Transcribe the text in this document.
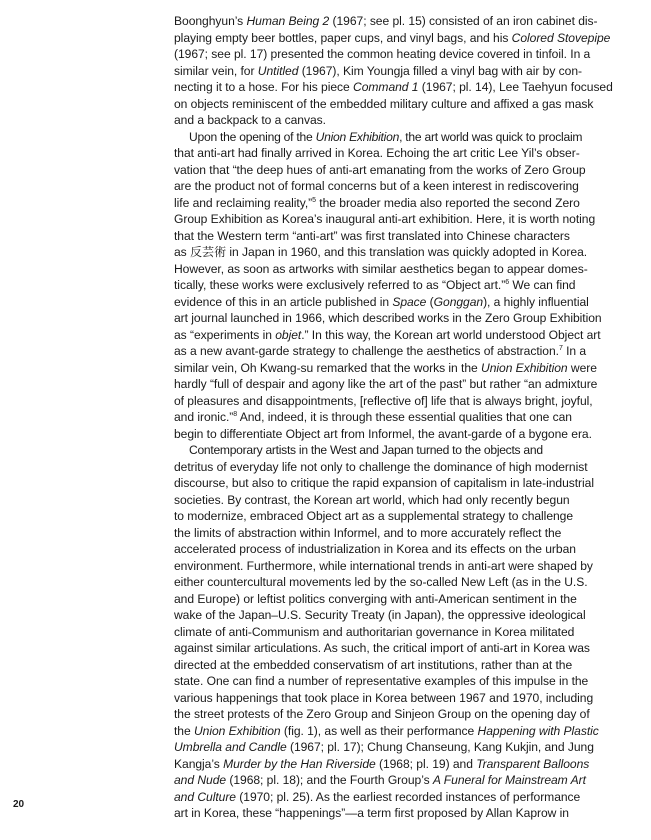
Boonghyun’s Human Being 2 (1967; see pl. 15) consisted of an iron cabinet dis-
playing empty beer bottles, paper cups, and vinyl bags, and his Colored Stovepipe
(1967; see pl. 17) presented the common heating device covered in tinfoil. In a
similar vein, for Untitled (1967), Kim Youngja filled a vinyl bag with air by con-
necting it to a hose. For his piece Command 1 (1967; pl. 14), Lee Taehyun focused
on objects reminiscent of the embedded military culture and affixed a gas mask
and a backpack to a canvas.
Upon the opening of the Union Exhibition, the art world was quick to proclaim
that anti-art had finally arrived in Korea. Echoing the art critic Lee Yil’s obser-
vation that “the deep hues of anti-art emanating from the works of Zero Group
are the product not of formal concerns but of a keen interest in rediscovering
life and reclaiming reality,”$^5$ the broader media also reported the second Zero
Group Exhibition as Korea’s inaugural anti-art exhibition. Here, it is worth noting
that the Western term “anti-art” was first translated into Chinese characters
as 反芸術 in Japan in 1960, and this translation was quickly adopted in Korea.
However, as soon as artworks with similar aesthetics began to appear domes-
tically, these works were exclusively referred to as “Object art.”$^6$ We can find
evidence of this in an article published in Space (Gonggan), a highly influential
art journal launched in 1966, which described works in the Zero Group Exhibition
as “experiments in objet.” In this way, the Korean art world understood Object art
as a new avant-garde strategy to challenge the aesthetics of abstraction.$^7$ In a
similar vein, Oh Kwang-su remarked that the works in the Union Exhibition were
hardly “full of despair and agony like the art of the past” but rather “an admixture
of pleasures and disappointments, [reflective of] life that is always bright, joyful,
and ironic.”$^8$ And, indeed, it is through these essential qualities that one can
begin to differentiate Object art from Informel, the avant-garde of a bygone era.
Contemporary artists in the West and Japan turned to the objects and
detritus of everyday life not only to challenge the dominance of high modernist
discourse, but also to critique the rapid expansion of capitalism in late-industrial
societies. By contrast, the Korean art world, which had only recently begun
to modernize, embraced Object art as a supplemental strategy to challenge
the limits of abstraction within Informel, and to more accurately reflect the
accelerated process of industrialization in Korea and its effects on the urban
environment. Furthermore, while international trends in anti-art were shaped by
either countercultural movements led by the so-called New Left (as in the U.S.
and Europe) or leftist politics converging with anti-American sentiment in the
wake of the Japan–U.S. Security Treaty (in Japan), the oppressive ideological
climate of anti-Communism and authoritarian governance in Korea militated
against similar articulations. As such, the critical import of anti-art in Korea was
directed at the embedded conservatism of art institutions, rather than at the
state. One can find a number of representative examples of this impulse in the
various happenings that took place in Korea between 1967 and 1970, including
the street protests of the Zero Group and Sinjeon Group on the opening day of
the Union Exhibition (fig. 1), as well as their performance Happening with Plastic
Umbrella and Candle (1967; pl. 17); Chung Chanseung, Kang Kukjin, and Jung
Kangja’s Murder by the Han Riverside (1968; pl. 19) and Transparent Balloons
and Nude (1968; pl. 18); and the Fourth Group’s A Funeral for Mainstream Art
and Culture (1970; pl. 25). As the earliest recorded instances of performance
art in Korea, these “happenings”—a term first proposed by Allan Kaprow in
20
